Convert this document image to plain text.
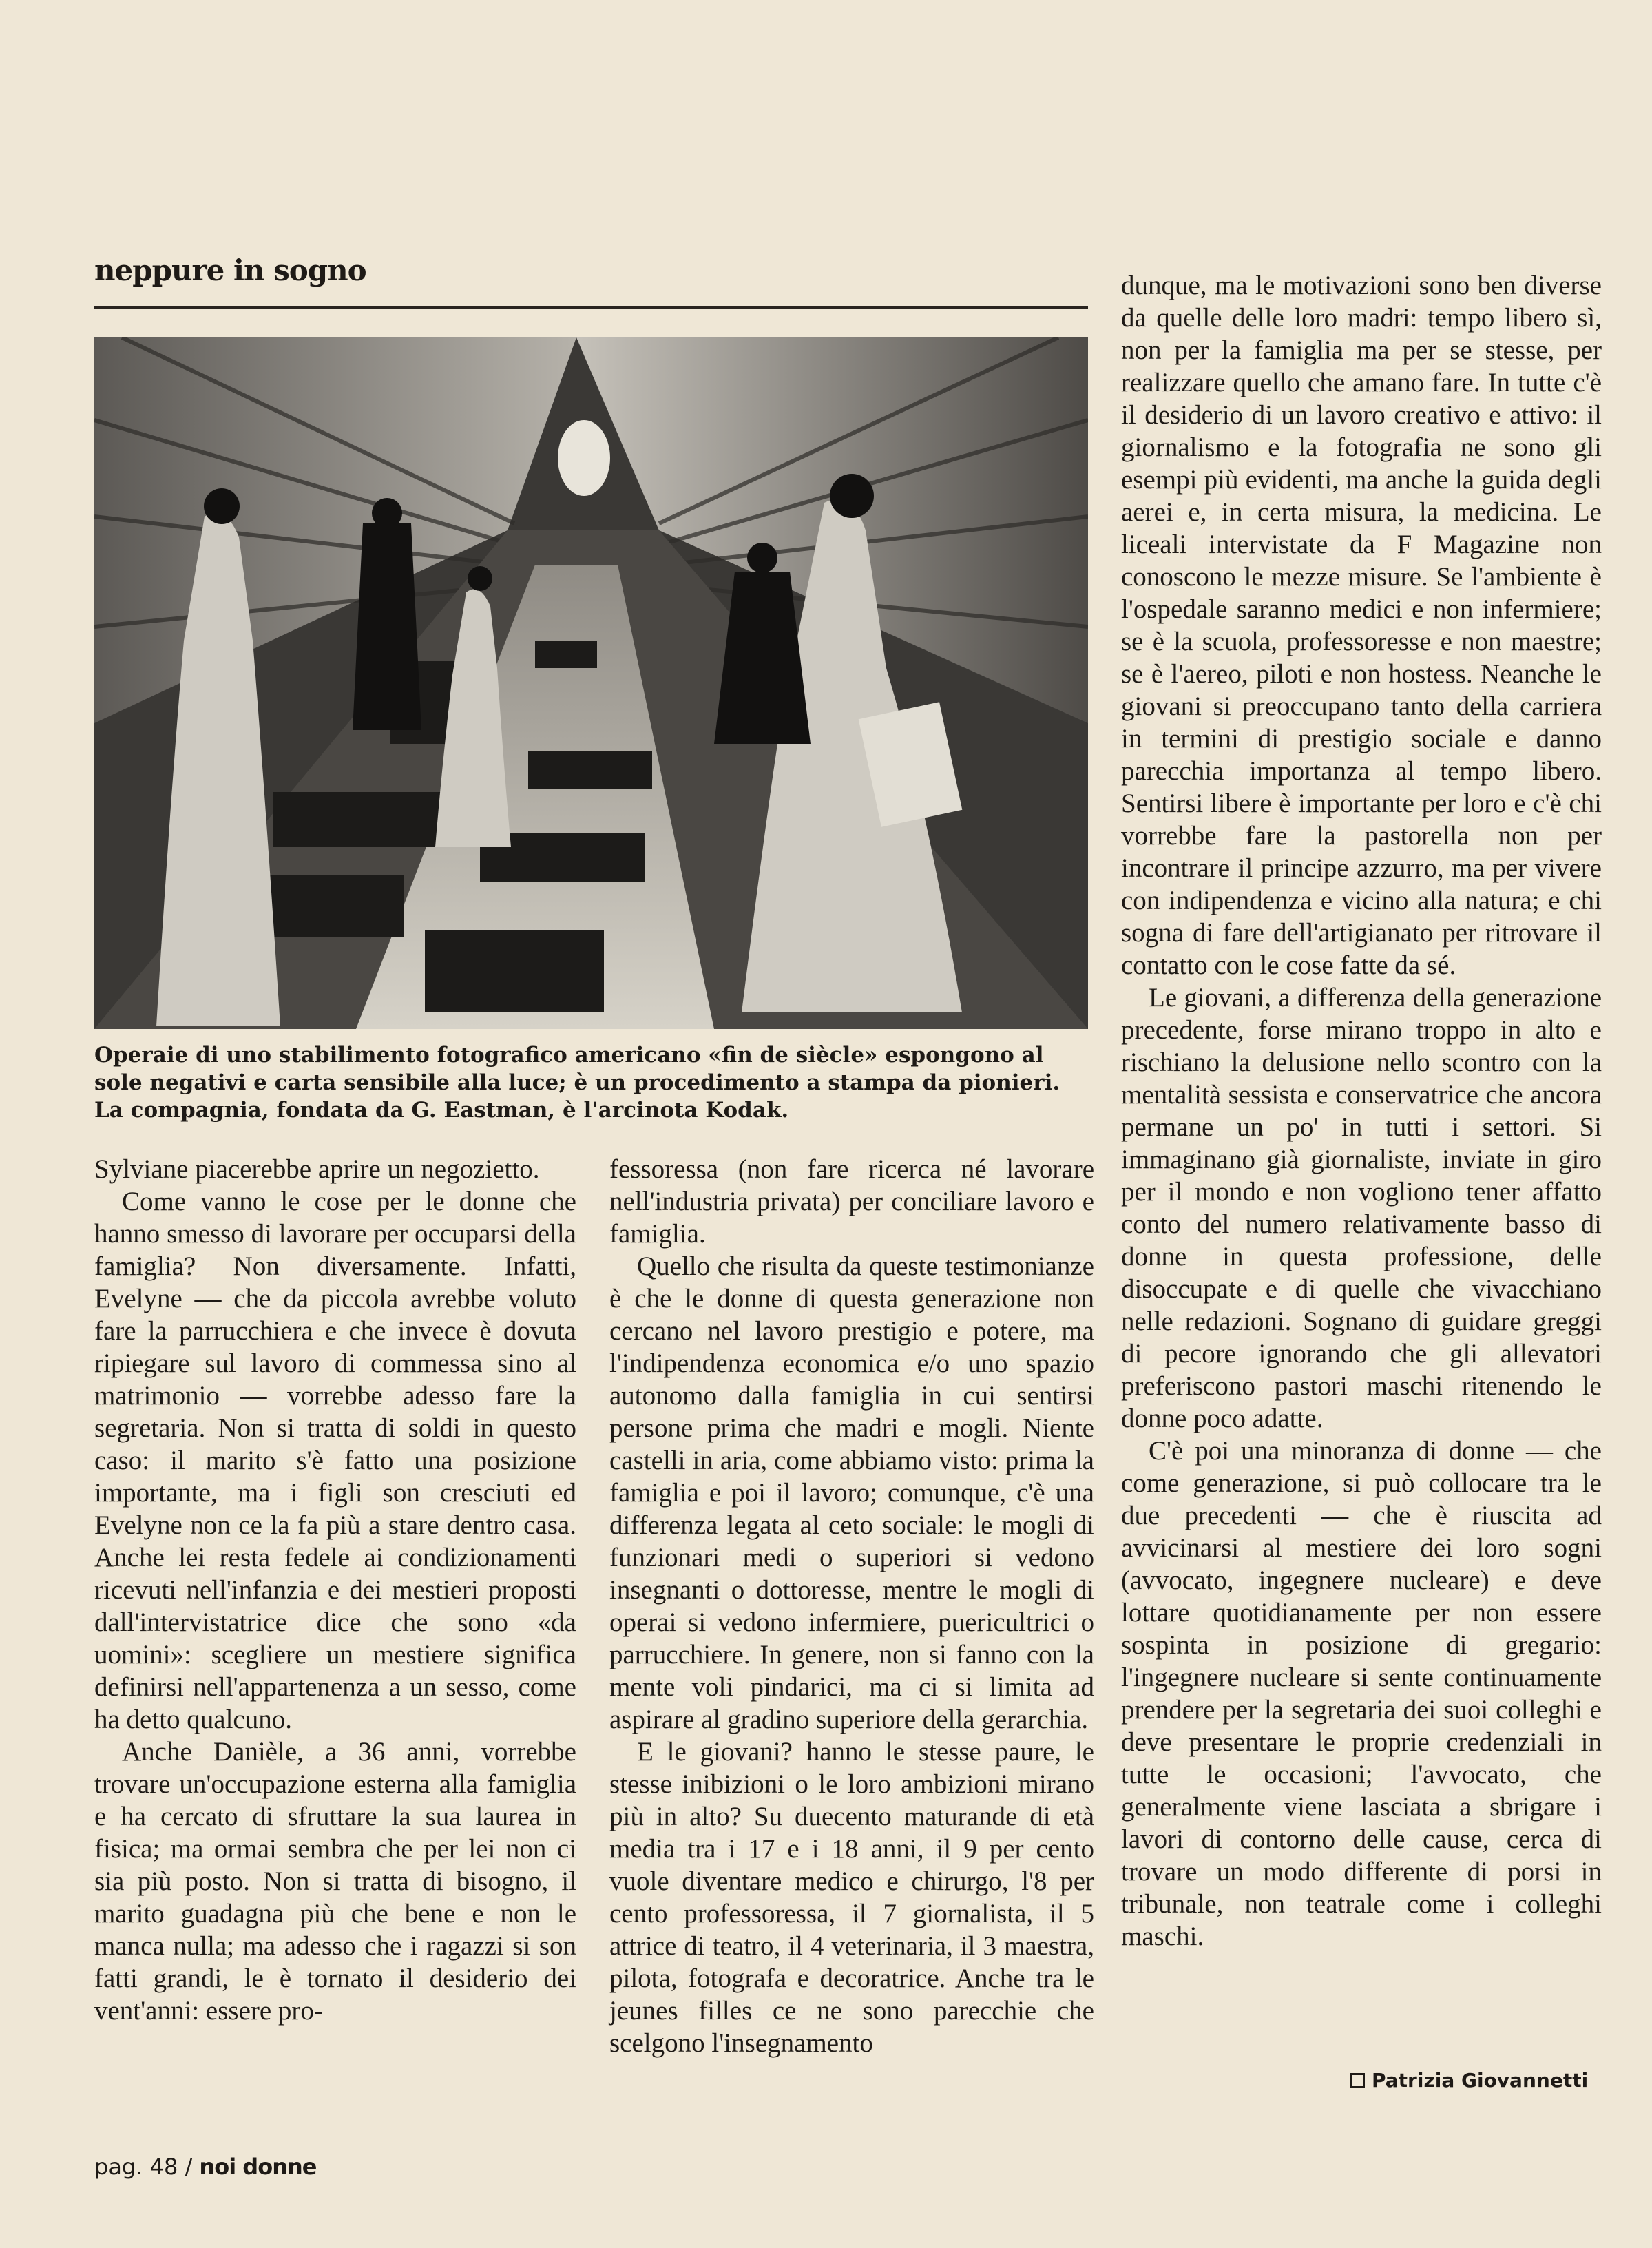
neppure in sogno

Operaie di uno stabilimento fotografico americano «fin de siècle» espongono al sole negativi e carta sensibile alla luce; è un procedimento a stampa da pionieri. La compagnia, fondata da G. Eastman, è l'arcinota Kodak.

Sylviane piacerebbe aprire un negozietto.

Come vanno le cose per le donne che hanno smesso di lavorare per occuparsi della famiglia? Non diversamente. Infatti, Evelyne — che da piccola avrebbe voluto fare la parrucchiera e che invece è dovuta ripiegare sul lavoro di commessa sino al matrimonio — vorrebbe adesso fare la segretaria. Non si tratta di soldi in questo caso: il marito s'è fatto una posizione importante, ma i figli son cresciuti ed Evelyne non ce la fa più a stare dentro casa. Anche lei resta fedele ai condizionamenti ricevuti nell'infanzia e dei mestieri proposti dall'intervistatrice dice che sono «da uomini»: scegliere un mestiere significa definirsi nell'appartenenza a un sesso, come ha detto qualcuno.

Anche Danièle, a 36 anni, vorrebbe trovare un'occupazione esterna alla famiglia e ha cercato di sfruttare la sua laurea in fisica; ma ormai sembra che per lei non ci sia più posto. Non si tratta di bisogno, il marito guadagna più che bene e non le manca nulla; ma adesso che i ragazzi si son fatti grandi, le è tornato il desiderio dei vent'anni: essere pro-

fessoressa (non fare ricerca né lavorare nell'industria privata) per conciliare lavoro e famiglia.

Quello che risulta da queste testimonianze è che le donne di questa generazione non cercano nel lavoro prestigio e potere, ma l'indipendenza economica e/o uno spazio autonomo dalla famiglia in cui sentirsi persone prima che madri e mogli. Niente castelli in aria, come abbiamo visto: prima la famiglia e poi il lavoro; comunque, c'è una differenza legata al ceto sociale: le mogli di funzionari medi o superiori si vedono insegnanti o dottoresse, mentre le mogli di operai si vedono infermiere, puericultrici o parrucchiere. In genere, non si fanno con la mente voli pindarici, ma ci si limita ad aspirare al gradino superiore della gerarchia.

E le giovani? hanno le stesse paure, le stesse inibizioni o le loro ambizioni mirano più in alto? Su duecento maturande di età media tra i 17 e i 18 anni, il 9 per cento vuole diventare medico e chirurgo, l'8 per cento professoressa, il 7 giornalista, il 5 attrice di teatro, il 4 veterinaria, il 3 maestra, pilota, fotografa e decoratrice. Anche tra le jeunes filles ce ne sono parecchie che scelgono l'insegnamento

dunque, ma le motivazioni sono ben diverse da quelle delle loro madri: tempo libero sì, non per la famiglia ma per se stesse, per realizzare quello che amano fare. In tutte c'è il desiderio di un lavoro creativo e attivo: il giornalismo e la fotografia ne sono gli esempi più evidenti, ma anche la guida degli aerei e, in certa misura, la medicina. Le liceali intervistate da F Magazine non conoscono le mezze misure. Se l'ambiente è l'ospedale saranno medici e non infermiere; se è la scuola, professoresse e non maestre; se è l'aereo, piloti e non hostess. Neanche le giovani si preoccupano tanto della carriera in termini di prestigio sociale e danno parecchia importanza al tempo libero. Sentirsi libere è importante per loro e c'è chi vorrebbe fare la pastorella non per incontrare il principe azzurro, ma per vivere con indipendenza e vicino alla natura; e chi sogna di fare dell'artigianato per ritrovare il contatto con le cose fatte da sé.

Le giovani, a differenza della generazione precedente, forse mirano troppo in alto e rischiano la delusione nello scontro con la mentalità sessista e conservatrice che ancora permane un po' in tutti i settori. Si immaginano già giornaliste, inviate in giro per il mondo e non vogliono tener affatto conto del numero relativamente basso di donne in questa professione, delle disoccupate e di quelle che vivacchiano nelle redazioni. Sognano di guidare greggi di pecore ignorando che gli allevatori preferiscono pastori maschi ritenendo le donne poco adatte.

C'è poi una minoranza di donne — che come generazione, si può collocare tra le due precedenti — che è riuscita ad avvicinarsi al mestiere dei loro sogni (avvocato, ingegnere nucleare) e deve lottare quotidianamente per non essere sospinta in posizione di gregario: l'ingegnere nucleare si sente continuamente prendere per la segretaria dei suoi colleghi e deve presentare le proprie credenziali in tutte le occasioni; l'avvocato, che generalmente viene lasciata a sbrigare i lavori di contorno delle cause, cerca di trovare un modo differente di porsi in tribunale, non teatrale come i colleghi maschi.

Patrizia Giovannetti
pag. 48 / noi donne
